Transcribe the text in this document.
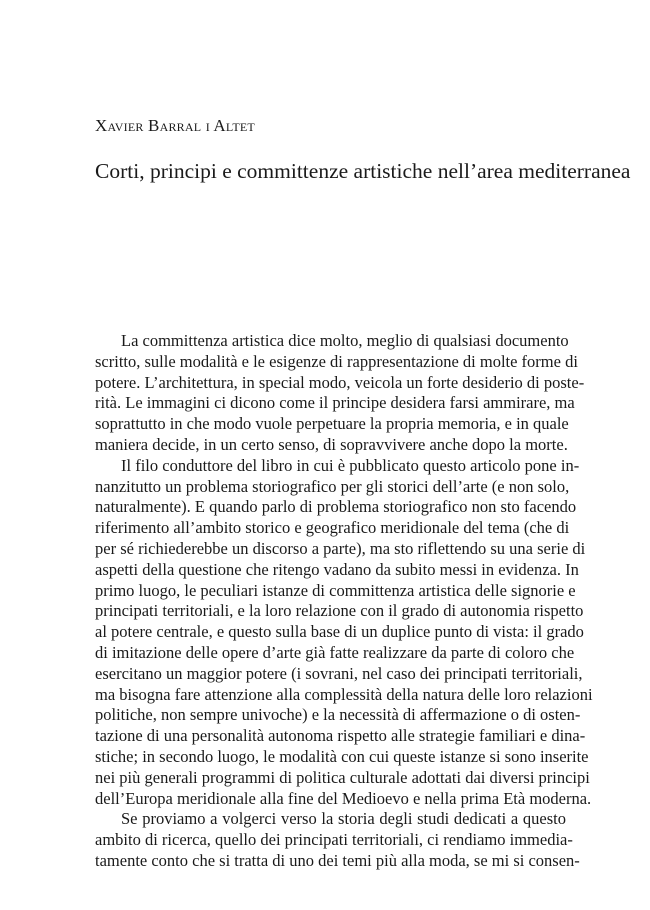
Xavier Barral i Altet
Corti, principi e committenze artistiche nell’area mediterranea
La committenza artistica dice molto, meglio di qualsiasi documento
scritto, sulle modalità e le esigenze di rappresentazione di molte forme di
potere. L’architettura, in special modo, veicola un forte desiderio di poste-
rità. Le immagini ci dicono come il principe desidera farsi ammirare, ma
soprattutto in che modo vuole perpetuare la propria memoria, e in quale
maniera decide, in un certo senso, di sopravvivere anche dopo la morte.
Il filo conduttore del libro in cui è pubblicato questo articolo pone in-
nanzitutto un problema storiografico per gli storici dell’arte (e non solo,
naturalmente). E quando parlo di problema storiografico non sto facendo
riferimento all’ambito storico e geografico meridionale del tema (che di
per sé richiederebbe un discorso a parte), ma sto riflettendo su una serie di
aspetti della questione che ritengo vadano da subito messi in evidenza. In
primo luogo, le peculiari istanze di committenza artistica delle signorie e
principati territoriali, e la loro relazione con il grado di autonomia rispetto
al potere centrale, e questo sulla base di un duplice punto di vista: il grado
di imitazione delle opere d’arte già fatte realizzare da parte di coloro che
esercitano un maggior potere (i sovrani, nel caso dei principati territoriali,
ma bisogna fare attenzione alla complessità della natura delle loro relazioni
politiche, non sempre univoche) e la necessità di affermazione o di osten-
tazione di una personalità autonoma rispetto alle strategie familiari e dina-
stiche; in secondo luogo, le modalità con cui queste istanze si sono inserite
nei più generali programmi di politica culturale adottati dai diversi principi
dell’Europa meridionale alla fine del Medioevo e nella prima Età moderna.
Se proviamo a volgerci verso la storia degli studi dedicati a questo
ambito di ricerca, quello dei principati territoriali, ci rendiamo immedia-
tamente conto che si tratta di uno dei temi più alla moda, se mi si consen-
